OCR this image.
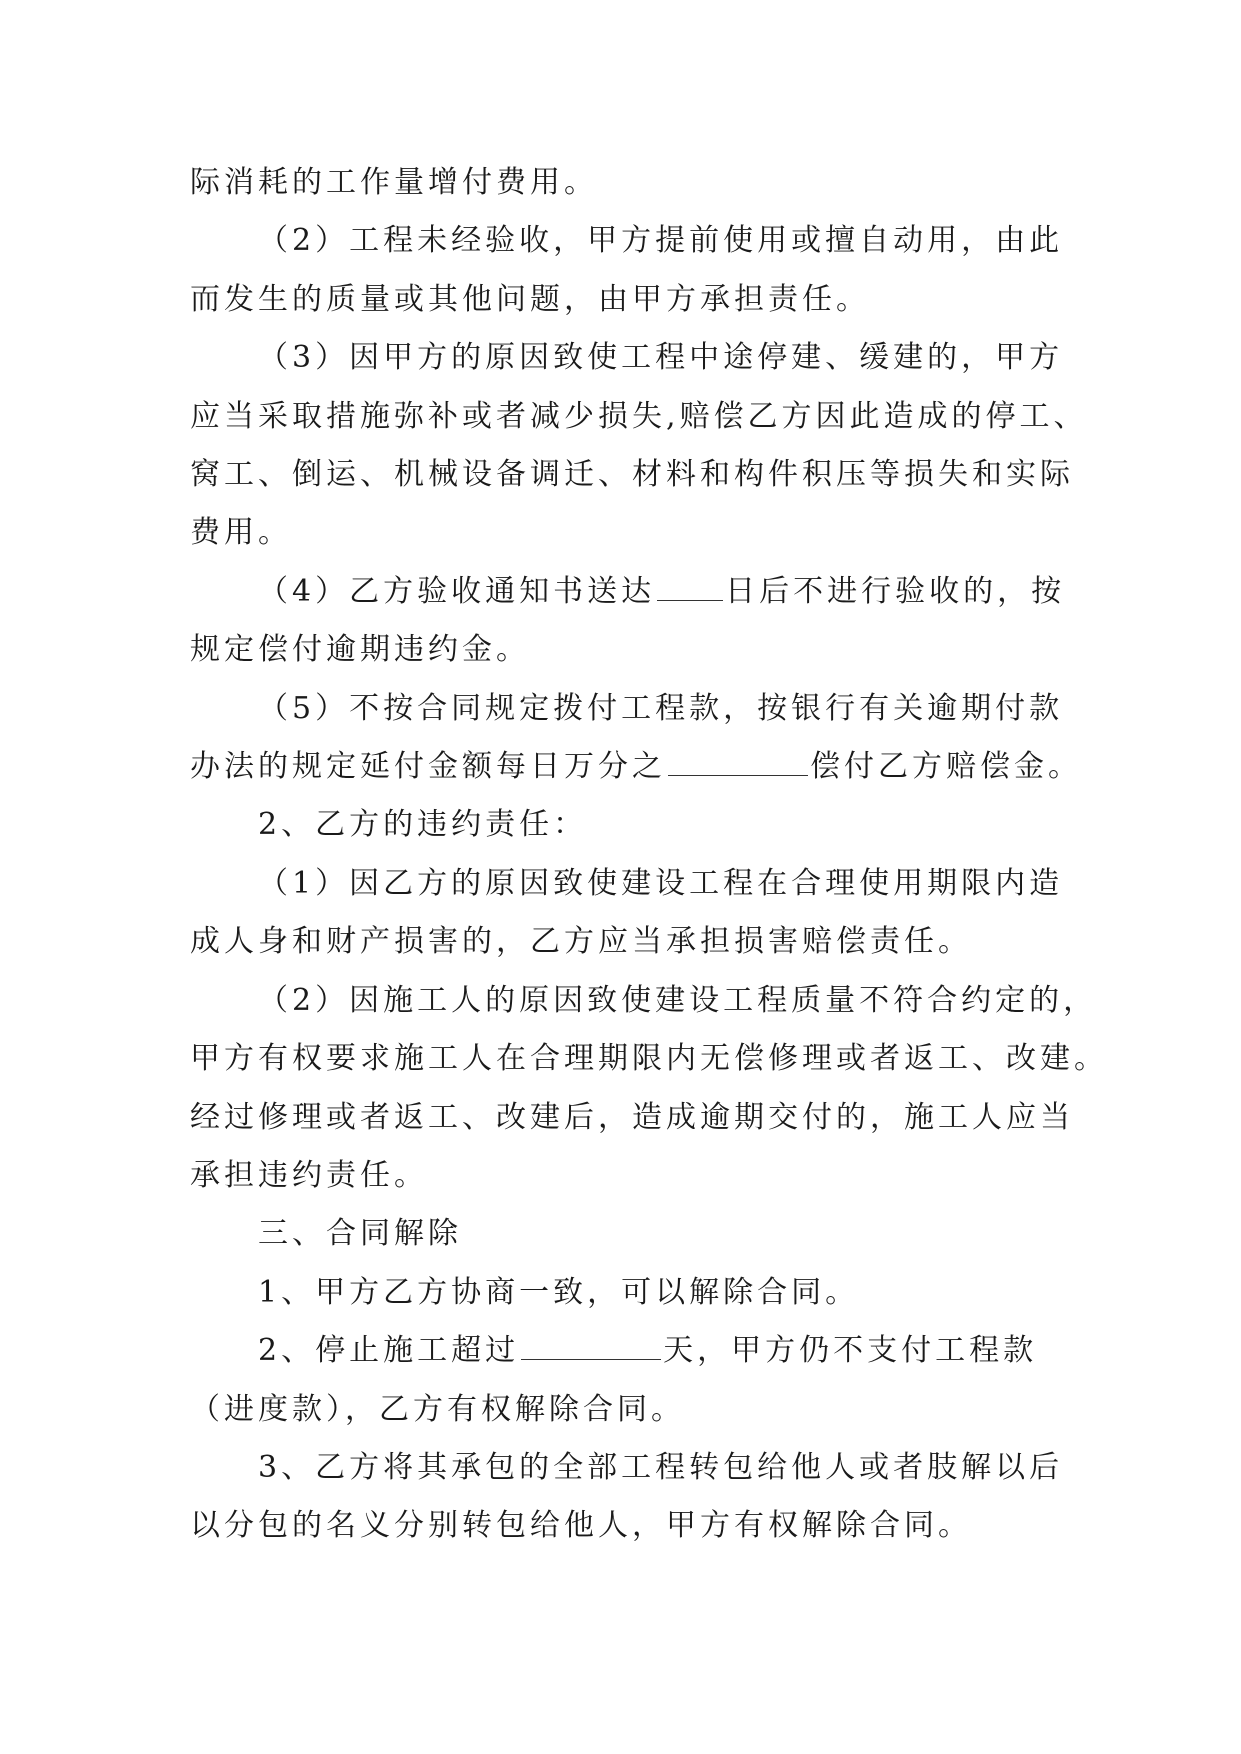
际消耗的工作量增付费用。

（2）工程未经验收，甲方提前使用或擅自动用，由此

而发生的质量或其他问题，由甲方承担责任。

（3）因甲方的原因致使工程中途停建、缓建的，甲方

应当采取措施弥补或者减少损失,赔偿乙方因此造成的停工、

窝工、倒运、机械设备调迁、材料和构件积压等损失和实际

费用。

（4）乙方验收通知书送达 日后不进行验收的，按

规定偿付逾期违约金。

（5）不按合同规定拨付工程款，按银行有关逾期付款

办法的规定延付金额每日万分之	偿付乙方赔偿金。

2、乙方的违约责任：

（1）因乙方的原因致使建设工程在合理使用期限内造

成人身和财产损害的，乙方应当承担损害赔偿责任。

（2）因施工人的原因致使建设工程质量不符合约定的，

甲方有权要求施工人在合理期限内无偿修理或者返工、改建。

经过修理或者返工、改建后，造成逾期交付的，施工人应当

承担违约责任。

三、合同解除

1、甲方乙方协商一致，可以解除合同。

2、停止施工超过	天，甲方仍不支付工程款

（进度款），乙方有权解除合同。

3、乙方将其承包的全部工程转包给他人或者肢解以后

以分包的名义分别转包给他人，甲方有权解除合同。
